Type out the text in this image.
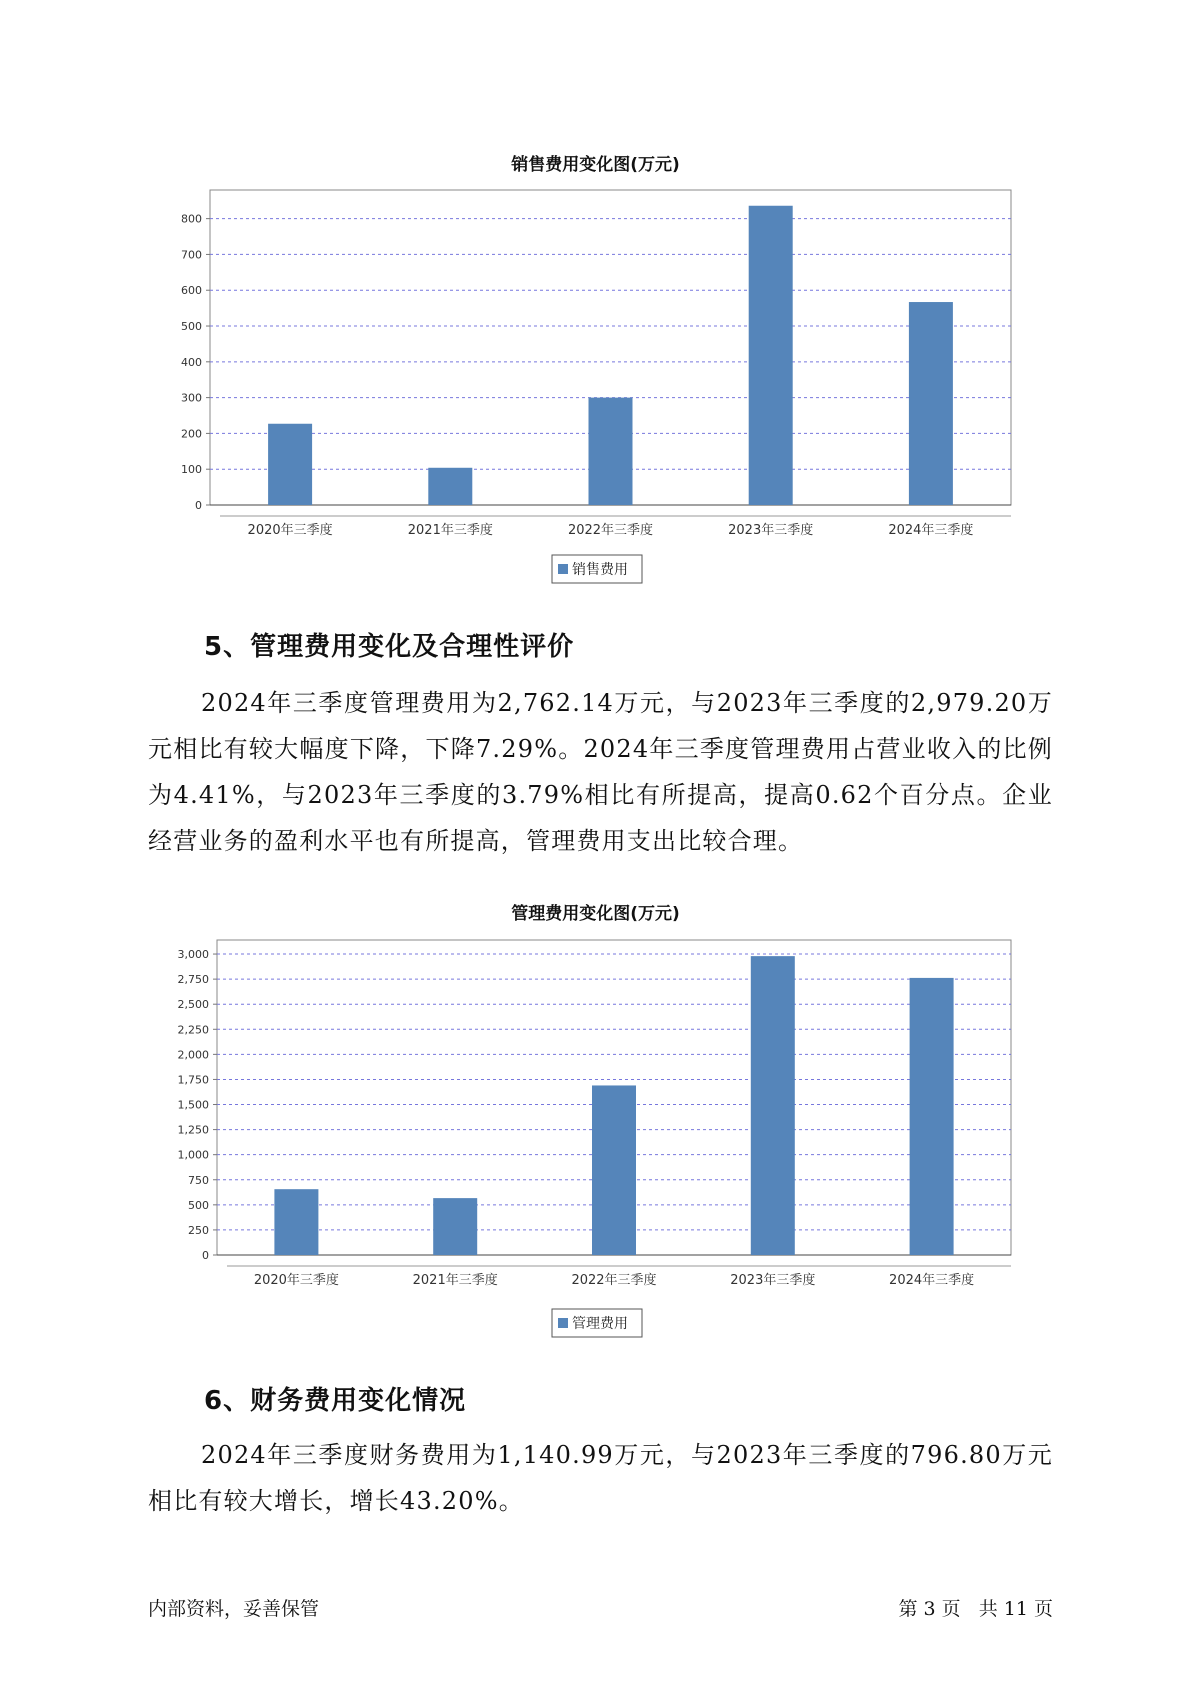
销售费用变化图(万元)
0
100
200
300
400
500
600
700
800
2020年三季度	2021年三季度	2022年三季度	2023年三季度	2024年三季度
销售费用
5、管理费用变化及合理性评价
2024年三季度管理费用为2,762.14万元，与2023年三季度的2,979.20万元相比有较大幅度下降，下降7.29%。2024年三季度管理费用占营业收入的比例为4.41%，与2023年三季度的3.79%相比有所提高，提高0.62个百分点。企业经营业务的盈利水平也有所提高，管理费用支出比较合理。
管理费用变化图(万元)
0
250
500
750
1,000
1,250
1,500
1,750
2,000
2,250
2,500
2,750
3,000
2020年三季度	2021年三季度	2022年三季度	2023年三季度	2024年三季度
管理费用
6、财务费用变化情况
2024年三季度财务费用为1,140.99万元，与2023年三季度的796.80万元相比有较大增长，增长43.20%。
内部资料，妥善保管	第 3 页   共 11 页
